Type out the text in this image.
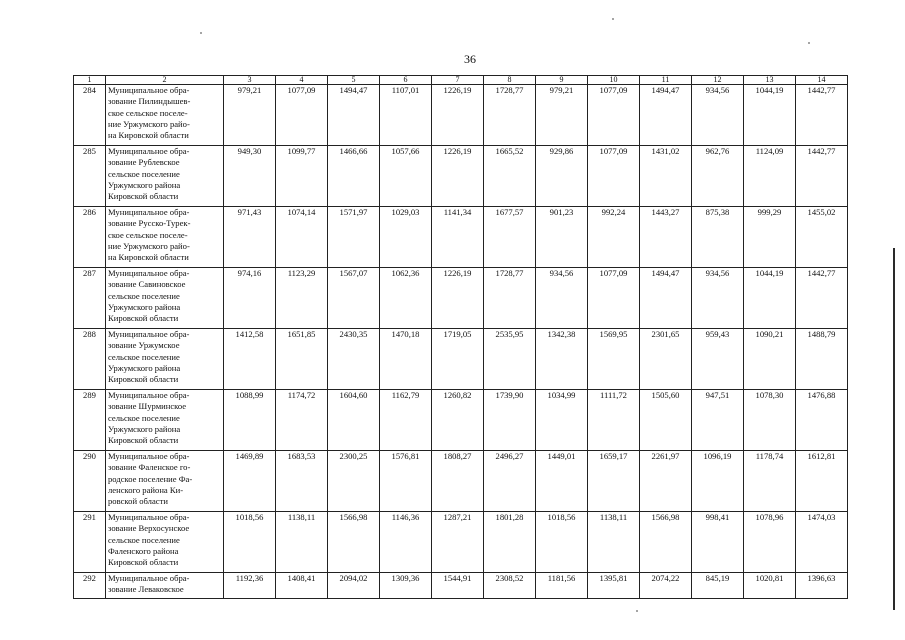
36
1	2	3	4	5	6	7	8	9	10	11	12	13	14
284	Муниципальное обра-
зование Пилиндышев-
ское сельское поселе-
ние Уржумского райо-
на Кировской области	979,21	1077,09	1494,47	1107,01	1226,19	1728,77	979,21	1077,09	1494,47	934,56	1044,19	1442,77
285	Муниципальное обра-
зование Рублевское
сельское поселение
Уржумского района
Кировской области	949,30	1099,77	1466,66	1057,66	1226,19	1665,52	929,86	1077,09	1431,02	962,76	1124,09	1442,77
286	Муниципальное обра-
зование Русско-Турек-
ское сельское поселе-
ние Уржумского райо-
на Кировской области	971,43	1074,14	1571,97	1029,03	1141,34	1677,57	901,23	992,24	1443,27	875,38	999,29	1455,02
287	Муниципальное обра-
зование Савиновское
сельское поселение
Уржумского района
Кировской области	974,16	1123,29	1567,07	1062,36	1226,19	1728,77	934,56	1077,09	1494,47	934,56	1044,19	1442,77
288	Муниципальное обра-
зование Уржумское
сельское поселение
Уржумского района
Кировской области	1412,58	1651,85	2430,35	1470,18	1719,05	2535,95	1342,38	1569,95	2301,65	959,43	1090,21	1488,79
289	Муниципальное обра-
зование Шурминское
сельское поселение
Уржумского района
Кировской области	1088,99	1174,72	1604,60	1162,79	1260,82	1739,90	1034,99	1111,72	1505,60	947,51	1078,30	1476,88
290	Муниципальное обра-
зование Фаленское го-
родское поселение Фа-
ленского района Ки-
ровской области	1469,89	1683,53	2300,25	1576,81	1808,27	2496,27	1449,01	1659,17	2261,97	1096,19	1178,74	1612,81
291	Муниципальное обра-
зование Верхосунское
сельское поселение
Фаленского района
Кировской области	1018,56	1138,11	1566,98	1146,36	1287,21	1801,28	1018,56	1138,11	1566,98	998,41	1078,96	1474,03
292	Муниципальное обра-
зование Леваковское	1192,36	1408,41	2094,02	1309,36	1544,91	2308,52	1181,56	1395,81	2074,22	845,19	1020,81	1396,63
